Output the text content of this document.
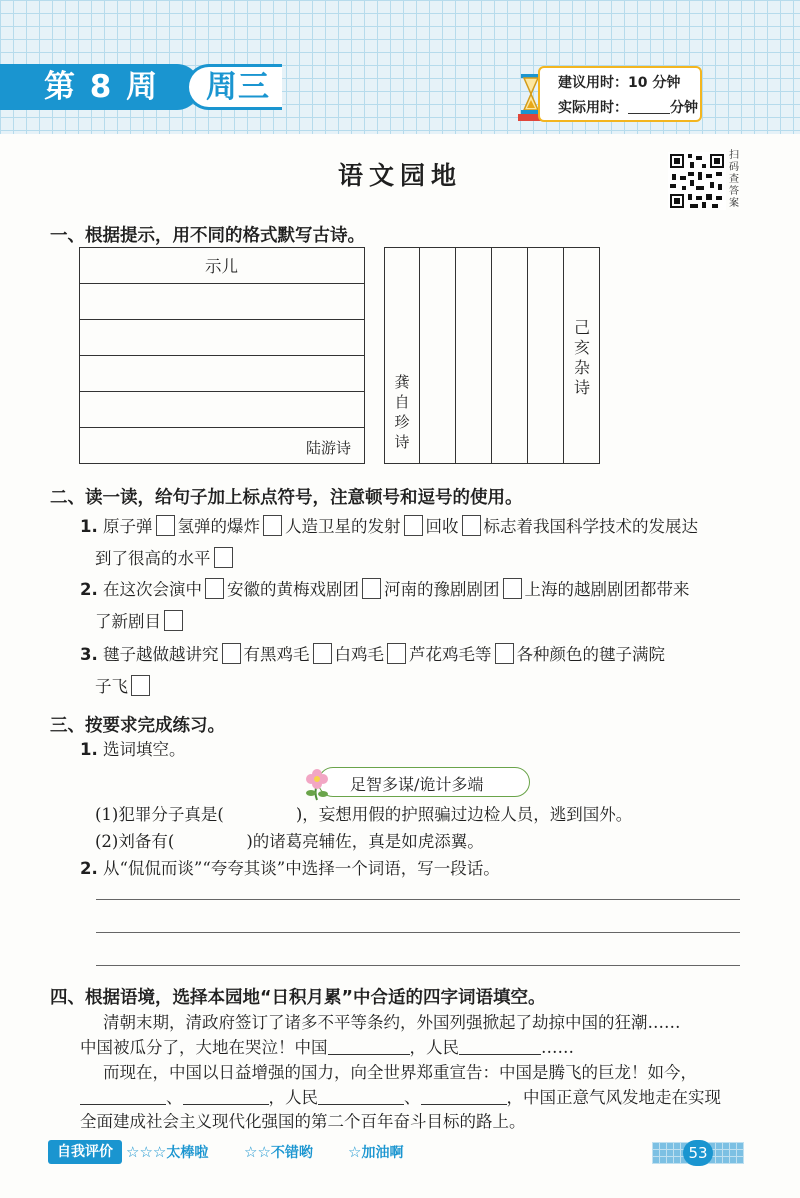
第 8 周 周三	建议用时：10 分钟
实际用时：	分钟
语文园地
扫码查答案
一、根据提示，用不同的格式默写古诗。
示儿
陆游诗
己亥杂诗
龚自珍诗
二、读一读，给句子加上标点符号，注意顿号和逗号的使用。
1. 原子弹 氢弹的爆炸 人造卫星的发射 回收 标志着我国科学技术的发展达
到了很高的水平
2. 在这次会演中 安徽的黄梅戏剧团 河南的豫剧剧团 上海的越剧剧团都带来
了新剧目
3. 毽子越做越讲究 有黑鸡毛 白鸡毛 芦花鸡毛等 各种颜色的毽子满院
子飞
三、按要求完成练习。
1. 选词填空。
足智多谋/诡计多端
(1)犯罪分子真是(	)，妄想用假的护照骗过边检人员，逃到国外。
(2)刘备有(	)的诸葛亮辅佐，真是如虎添翼。
2. 从“侃侃而谈”“夸夸其谈”中选择一个词语，写一段话。
四、根据语境，选择本园地“日积月累”中合适的四字词语填空。
清朝末期，清政府签订了诸多不平等条约，外国列强掀起了劫掠中国的狂潮……
中国被瓜分了，大地在哭泣！中国	，人民	……
而现在，中国以日益增强的国力，向全世界郑重宣告：中国是腾飞的巨龙！如今，
、	，人民	、	，中国正意气风发地走在实现
全面建成社会主义现代化强国的第二个百年奋斗目标的路上。
自我评价 ☆☆☆太棒啦 ☆☆不错哟 ☆加油啊	53
